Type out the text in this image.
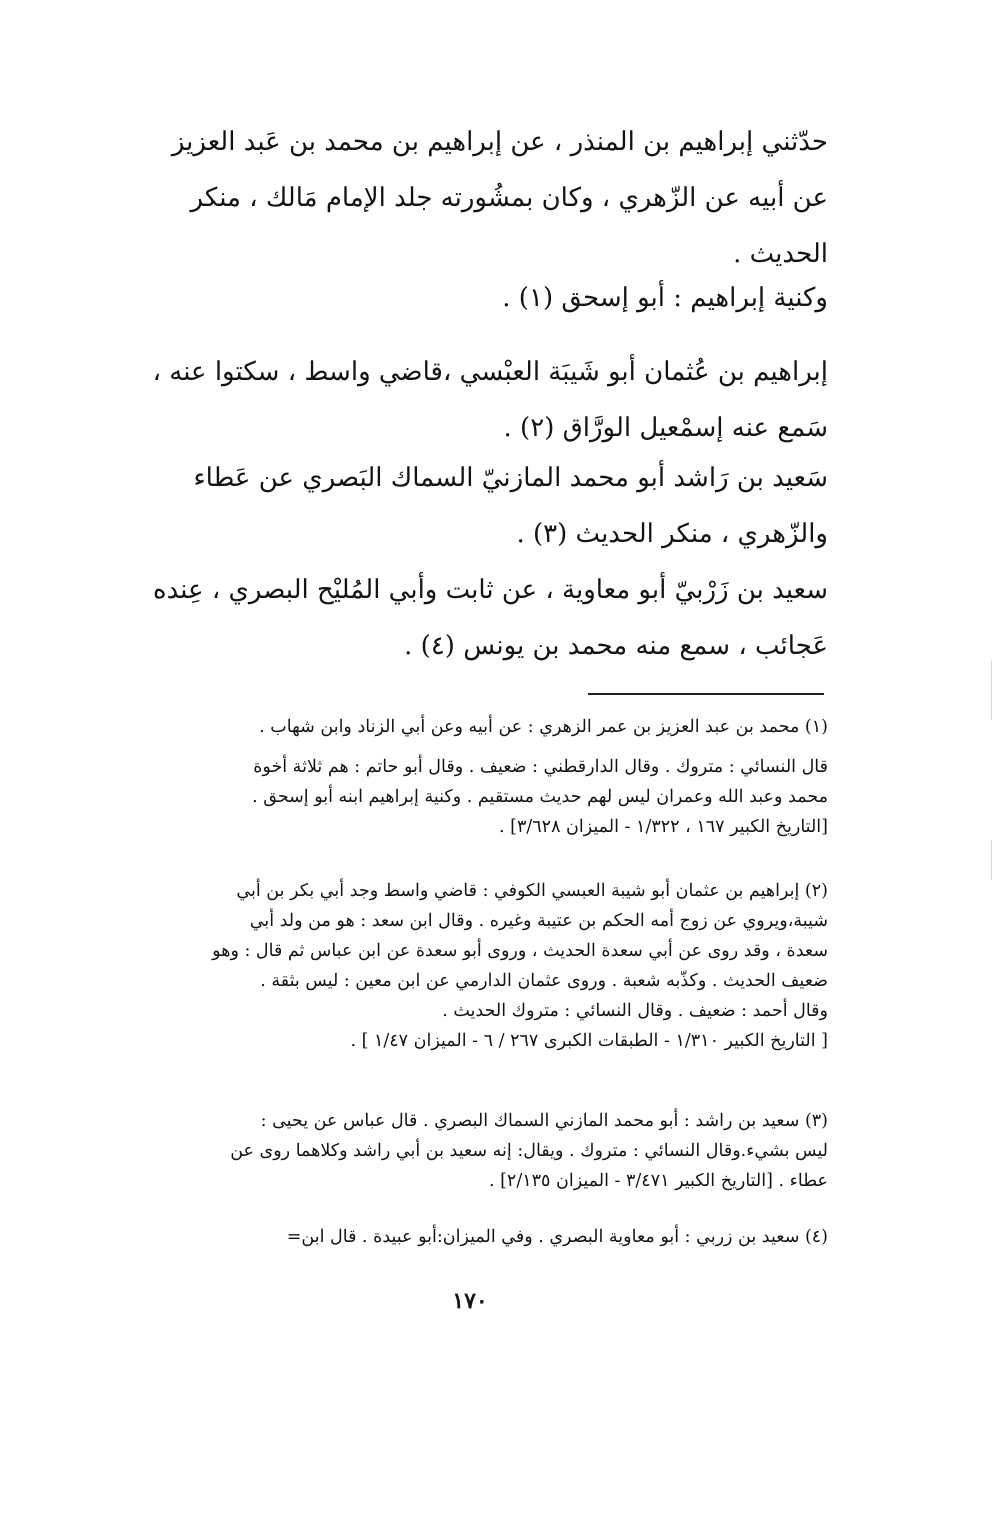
حدّثني إبراهيم بن المنذر ، عن إبراهيم بن محمد بن عَبد العزيز
عن أبيه عن الزّهري ، وكان بمشُورته جلد الإمام مَالك ، منكر
الحديث .
وكنية إبراهيم : أبو إسحق (١) .
إبراهيم بن عُثمان أبو شَيبَة العبْسي ،قاضي واسط ، سكتوا عنه ،
سَمع عنه إسمْعيل الورَّاق (٢) .
سَعيد بن رَاشد أبو محمد المازنيّ السماك البَصري عن عَطاء
والزّهري ، منكر الحديث (٣) .
سعيد بن زَرْبيّ أبو معاوية ، عن ثابت وأبي المُليْح البصري ، عِنده
عَجائب ، سمع منه محمد بن يونس (٤) .
(١) محمد بن عبد العزيز بن عمر الزهري : عن أبيه وعن أبي الزناد وابن شهاب .
قال النسائي : متروك . وقال الدارقطني : ضعيف . وقال أبو حاتم : هم ثلاثة أخوة
محمد وعبد الله وعمران ليس لهم حديث مستقيم . وكنية إبراهيم ابنه أبو إسحق .
[التاريخ الكبير ١٦٧ ، ١/٣٢٢ - الميزان ٣/٦٢٨] .
(٢) إبراهيم بن عثمان أبو شيبة العبسي الكوفي : قاضي واسط وجد أبي بكر بن أبي
شيبة،ويروي عن زوج أمه الحكم بن عتيبة وغيره . وقال ابن سعد : هو من ولد أبي
سعدة ، وقد روى عن أبي سعدة الحديث ، وروى أبو سعدة عن ابن عباس ثم قال : وهو
ضعيف الحديث . وكذّبه شعبة . وروى عثمان الدارمي عن ابن معين : ليس بثقة .
وقال أحمد : ضعيف . وقال النسائي : متروك الحديث .
[ التاريخ الكبير ١/٣١٠ - الطبقات الكبرى ٢٦٧ / ٦ - الميزان ١/٤٧ ] .
(٣) سعيد بن راشد : أبو محمد المازني السماك البصري . قال عباس عن يحيى :
ليس بشيء.وقال النسائي : متروك . ويقال: إنه سعيد بن أبي راشد وكلاهما روى عن
عطاء . [التاريخ الكبير ٣/٤٧١ - الميزان ٢/١٣٥] .
(٤) سعيد بن زربي : أبو معاوية البصري . وفي الميزان:أبو عبيدة . قال ابن=
١٧٠
